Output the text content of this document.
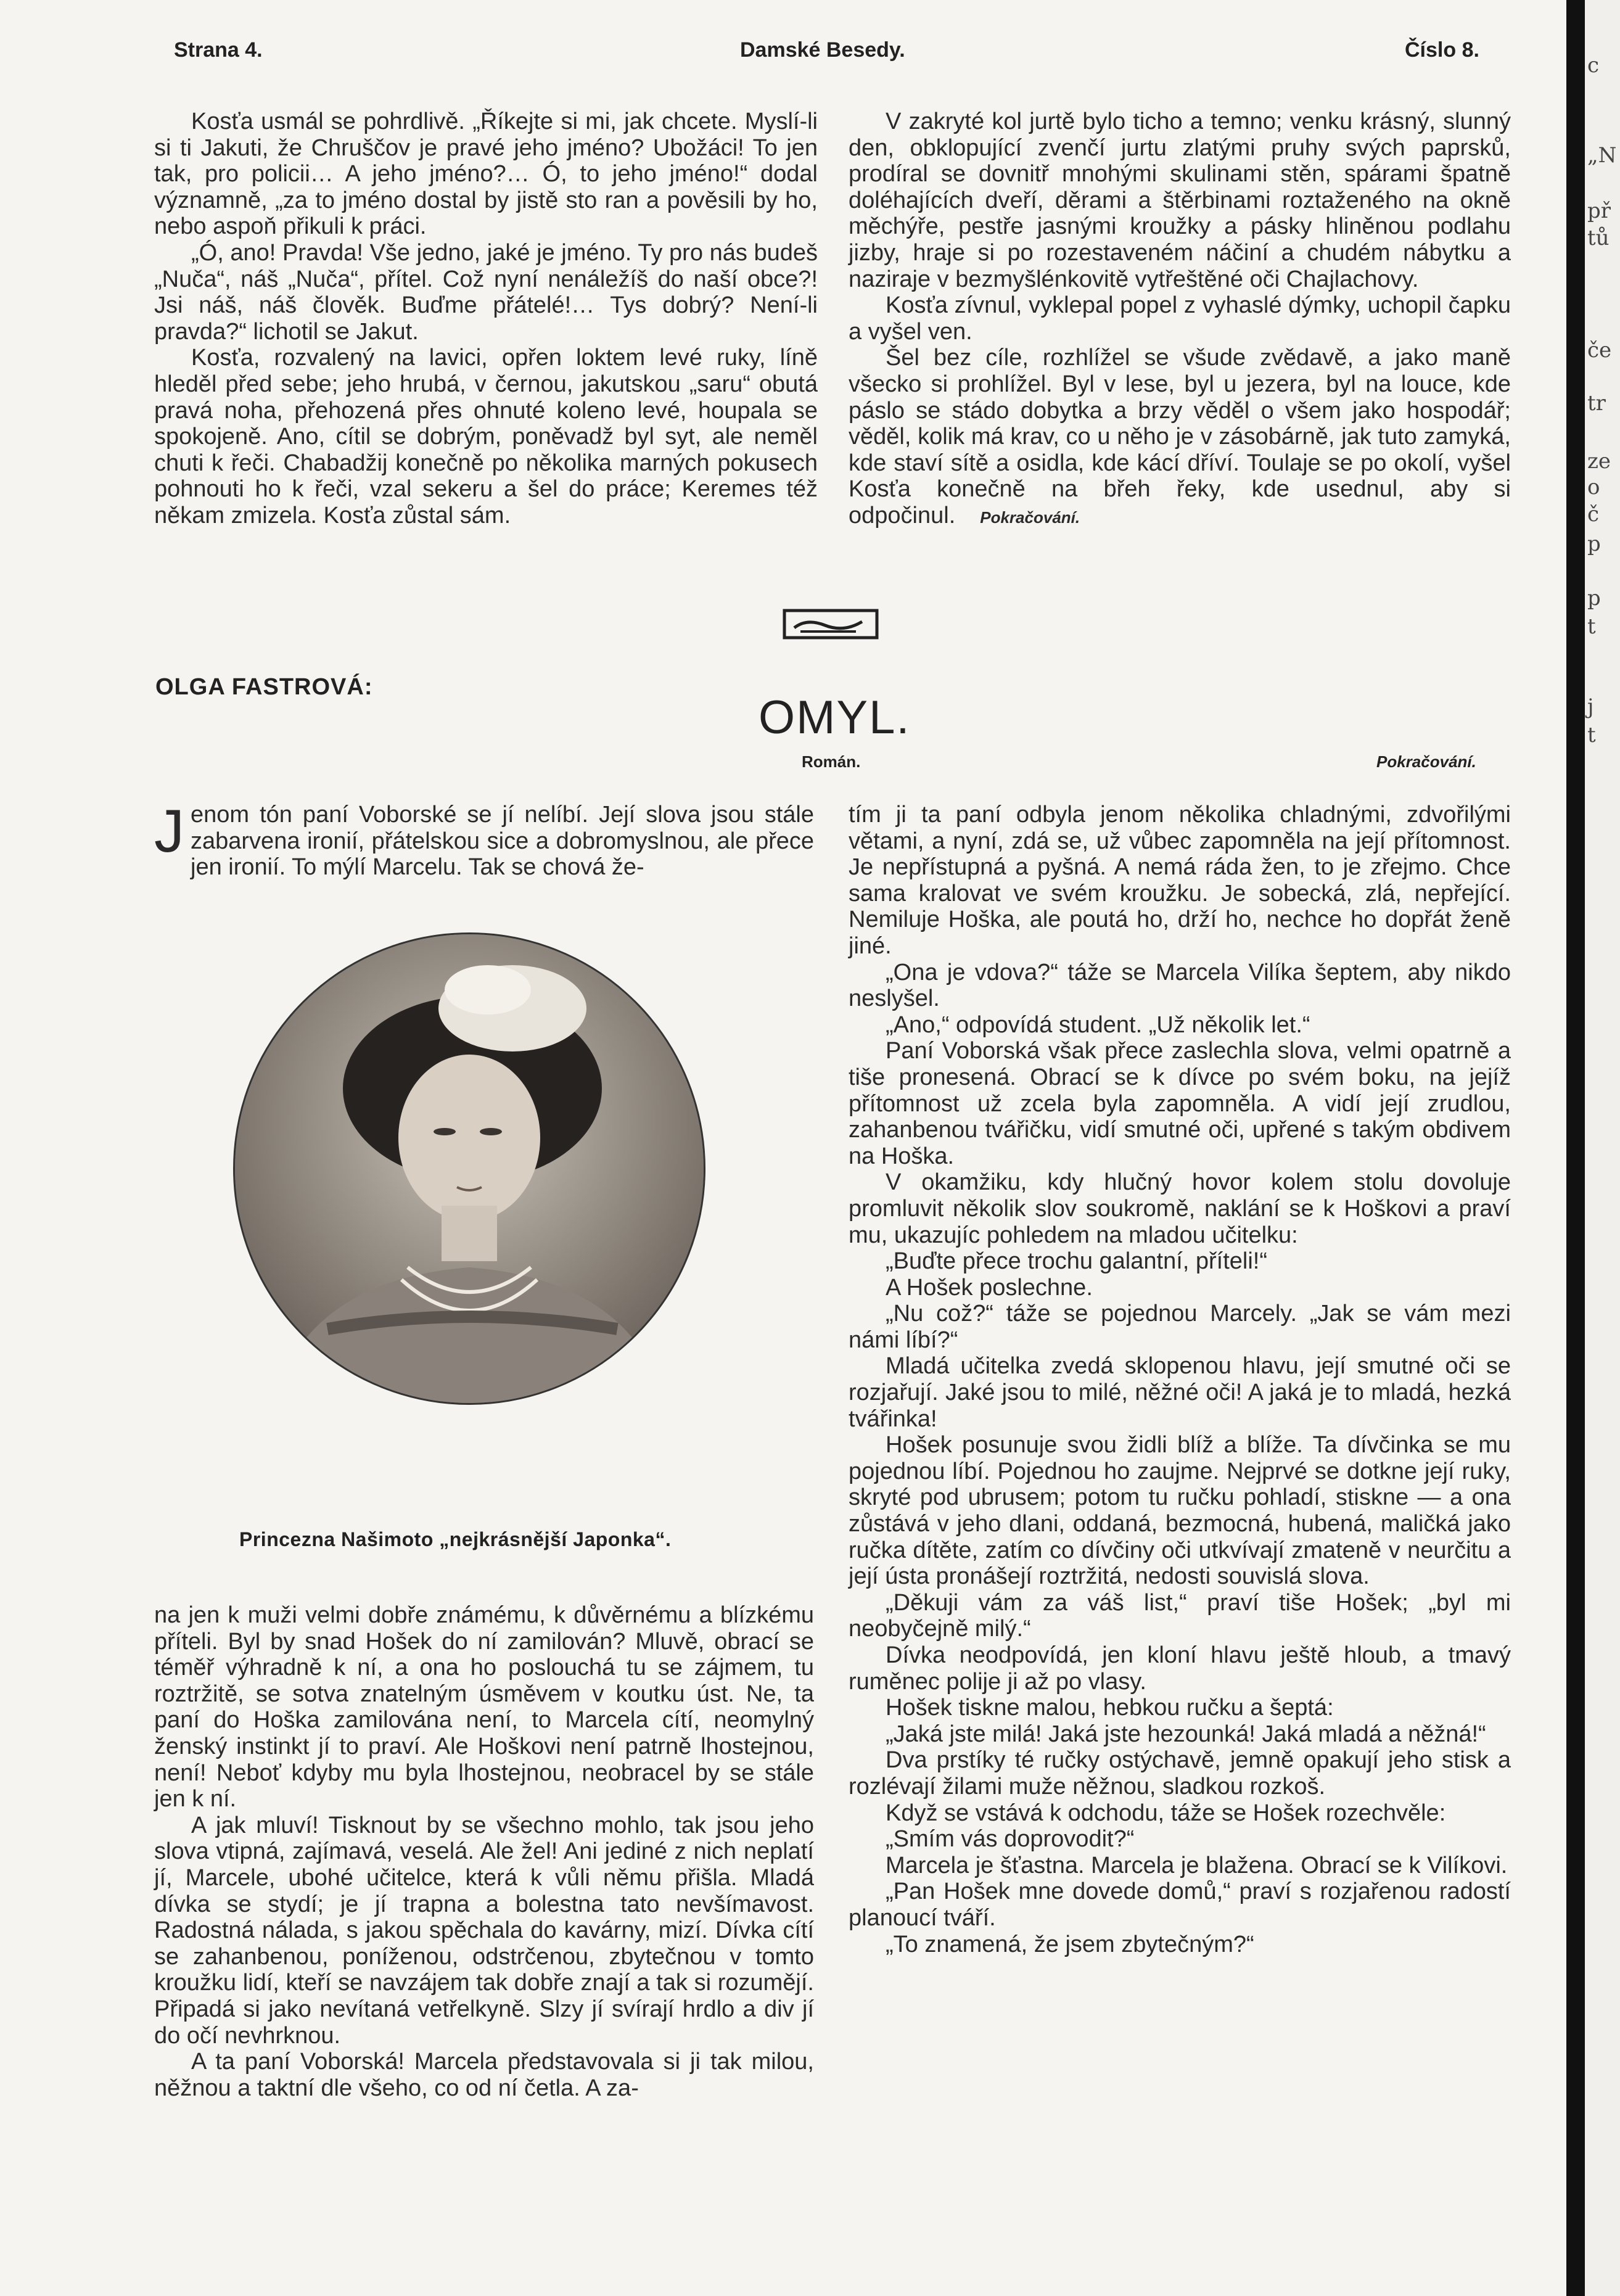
Strana 4.	Damské Besedy.	Číslo 8.

Kosťa usmál se pohrdlivě. „Říkejte si mi, jak chcete. Myslí-li si ti Jakuti, že Chruščov je pravé jeho jméno? Ubožáci! To jen tak, pro policii… A jeho jméno?… Ó, to jeho jméno!“ dodal významně, „za to jméno dostal by jistě sto ran a pověsili by ho, nebo aspoň přikuli k práci.

„Ó, ano! Pravda! Vše jedno, jaké je jméno. Ty pro nás budeš „Nuča“, náš „Nuča“, přítel. Což nyní nenáležíš do naší obce?! Jsi náš, náš člověk. Buďme přátelé!… Tys dobrý? Není-li pravda?“ lichotil se Jakut.

Kosťa, rozvalený na lavici, opřen loktem levé ruky, líně hleděl před sebe; jeho hrubá, v černou, jakutskou „saru“ obutá pravá noha, přehozená přes ohnuté koleno levé, houpala se spokojeně. Ano, cítil se dobrým, poněvadž byl syt, ale neměl chuti k řeči. Chabadžij konečně po několika marných pokusech pohnouti ho k řeči, vzal sekeru a šel do práce; Keremes též někam zmizela. Kosťa zůstal sám.

V zakryté kol jurtě bylo ticho a temno; venku krásný, slunný den, obklopující zvenčí jurtu zlatými pruhy svých paprsků, prodíral se dovnitř mnohými skulinami stěn, spárami špatně doléhajících dveří, děrami a štěrbinami roztaženého na okně měchýře, pestře jasnými kroužky a pásky hliněnou podlahu jizby, hraje si po rozestaveném náčiní a chudém nábytku a naziraje v bezmyšlénkovitě vytřeštěné oči Chajlachovy.

Kosťa zívnul, vyklepal popel z vyhaslé dýmky, uchopil čapku a vyšel ven.

Šel bez cíle, rozhlížel se všude zvědavě, a jako maně všecko si prohlížel. Byl v lese, byl u jezera, byl na louce, kde páslo se stádo dobytka a brzy věděl o všem jako hospodář; věděl, kolik má krav, co u něho je v zásobárně, jak tuto zamyká, kde staví sítě a osidla, kde kácí dříví. Toulaje se po okolí, vyšel Kosťa konečně na břeh řeky, kde usednul, aby si odpočinul. Pokračování.

OLGA FASTROVÁ:
OMYL.
Román.	Pokračování.

Jenom tón paní Voborské se jí nelíbí. Její slova jsou stále zabarvena ironií, přátelskou sice a dobromyslnou, ale přece jen ironií. To mýlí Marcelu. Tak se chová že-

Princezna Našimoto „nejkrásnější Japonka“.

na jen k muži velmi dobře známému, k důvěrnému a blízkému příteli. Byl by snad Hošek do ní zamilován? Mluvě, obrací se téměř výhradně k ní, a ona ho poslouchá tu se zájmem, tu roztržitě, se sotva znatelným úsměvem v koutku úst. Ne, ta paní do Hoška zamilována není, to Marcela cítí, neomylný ženský instinkt jí to praví. Ale Hoškovi není patrně lhostejnou, není! Neboť kdyby mu byla lhostejnou, neobracel by se stále jen k ní.

A jak mluví! Tisknout by se všechno mohlo, tak jsou jeho slova vtipná, zajímavá, veselá. Ale žel! Ani jediné z nich neplatí jí, Marcele, ubohé učitelce, která k vůli němu přišla. Mladá dívka se stydí; je jí trapna a bolestna tato nevšímavost. Radostná nálada, s jakou spěchala do kavárny, mizí. Dívka cítí se zahanbenou, poníženou, odstrčenou, zbytečnou v tomto kroužku lidí, kteří se navzájem tak dobře znají a tak si rozumějí. Připadá si jako nevítaná vetřelkyně. Slzy jí svírají hrdlo a div jí do očí nevhrknou.

A ta paní Voborská! Marcela představovala si ji tak milou, něžnou a taktní dle všeho, co od ní četla. A za-

tím ji ta paní odbyla jenom několika chladnými, zdvořilými větami, a nyní, zdá se, už vůbec zapomněla na její přítomnost. Je nepřístupná a pyšná. A nemá ráda žen, to je zřejmo. Chce sama kralovat ve svém kroužku. Je sobecká, zlá, nepřející. Nemiluje Hoška, ale poutá ho, drží ho, nechce ho dopřát ženě jiné.

„Ona je vdova?“ táže se Marcela Vilíka šeptem, aby nikdo neslyšel.

„Ano,“ odpovídá student. „Už několik let.“

Paní Voborská však přece zaslechla slova, velmi opatrně a tiše pronesená. Obrací se k dívce po svém boku, na jejíž přítomnost už zcela byla zapomněla. A vidí její zrudlou, zahanbenou tvářičku, vidí smutné oči, upřené s takým obdivem na Hoška.

V okamžiku, kdy hlučný hovor kolem stolu dovoluje promluvit několik slov soukromě, naklání se k Hoškovi a praví mu, ukazujíc pohledem na mladou učitelku:

„Buďte přece trochu galantní, příteli!“

A Hošek poslechne.

„Nu což?“ táže se pojednou Marcely. „Jak se vám mezi námi líbí?“

Mladá učitelka zvedá sklopenou hlavu, její smutné oči se rozjařují. Jaké jsou to milé, něžné oči! A jaká je to mladá, hezká tvářinka!

Hošek posunuje svou židli blíž a blíže. Ta dívčinka se mu pojednou líbí. Pojednou ho zaujme. Nejprvé se dotkne její ruky, skryté pod ubrusem; potom tu ručku pohladí, stiskne — a ona zůstává v jeho dlani, oddaná, bezmocná, hubená, maličká jako ručka dítěte, zatím co dívčiny oči utkvívají zmateně v neurčitu a její ústa pronášejí roztržitá, nedosti souvislá slova.

„Děkuji vám za váš list,“ praví tiše Hošek; „byl mi neobyčejně milý.“

Dívka neodpovídá, jen kloní hlavu ještě hloub, a tmavý ruměnec polije ji až po vlasy.

Hošek tiskne malou, hebkou ručku a šeptá:

„Jaká jste milá! Jaká jste hezounká! Jaká mladá a něžná!“

Dva prstíky té ručky ostýchavě, jemně opakují jeho stisk a rozlévají žilami muže něžnou, sladkou rozkoš.

Když se vstává k odchodu, táže se Hošek rozechvěle:

„Smím vás doprovodit?“

Marcela je šťastna. Marcela je blažena. Obrací se k Vilíkovi.

„Pan Hošek mne dovede domů,“ praví s rozjařenou radostí planoucí tváří.

„To znamená, že jsem zbytečným?“

c
„N
př
tů
če
tr
ze
o
č
p
p
t
j
t
